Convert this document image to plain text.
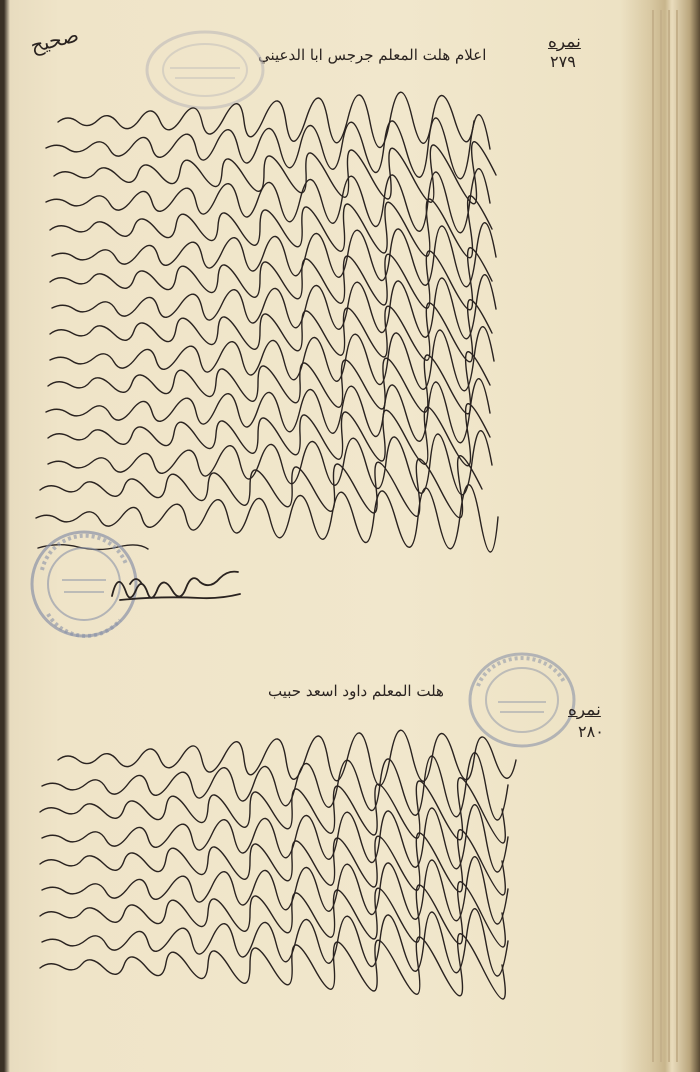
صحيح	نمره
٢٧٩
اعلام هلت المعلم جرجس ابا الدعيني
هلت المعلم داود اسعد حبيب
نمره
٢٨٠
